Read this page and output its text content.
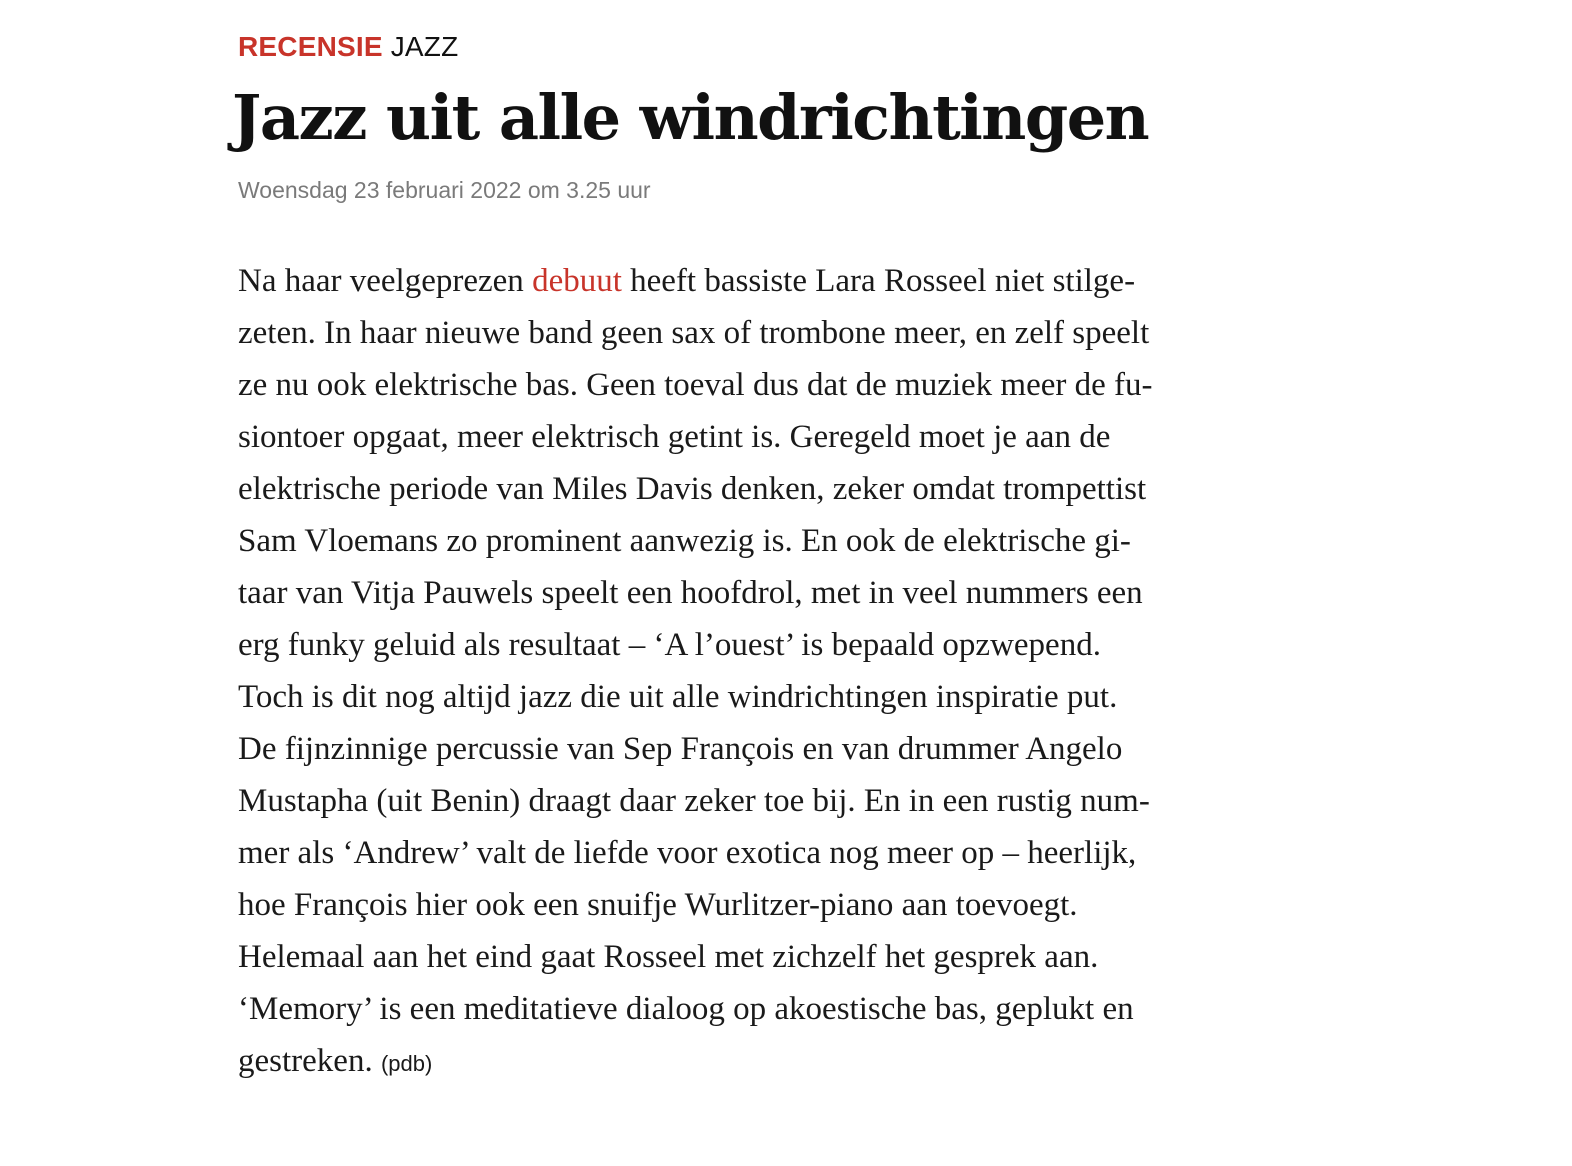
RECENSIE JAZZ

Jazz uit alle windrichtingen
Woensdag 23 februari 2022 om 3.25 uur
Na haar veelgeprezen debuut heeft bassiste Lara Rosseel niet stilge-
zeten. In haar nieuwe band geen sax of trombone meer, en zelf speelt
ze nu ook elektrische bas. Geen toeval dus dat de muziek meer de fu-
siontoer opgaat, meer elektrisch getint is. Geregeld moet je aan de
elektrische periode van Miles Davis denken, zeker omdat trompettist
Sam Vloemans zo prominent aanwezig is. En ook de elektrische gi-
taar van Vitja Pauwels speelt een hoofdrol, met in veel nummers een
erg funky geluid als resultaat – ‘A l’ouest’ is bepaald opzwepend.
Toch is dit nog altijd jazz die uit alle windrichtingen inspiratie put.
De fijnzinnige percussie van Sep François en van drummer Angelo
Mustapha (uit Benin) draagt daar zeker toe bij. En in een rustig num-
mer als ‘Andrew’ valt de liefde voor exotica nog meer op – heerlijk,
hoe François hier ook een snuifje Wurlitzer-piano aan toevoegt.
Helemaal aan het eind gaat Rosseel met zichzelf het gesprek aan.
‘Memory’ is een meditatieve dialoog op akoestische bas, geplukt en
gestreken. (pdb)
